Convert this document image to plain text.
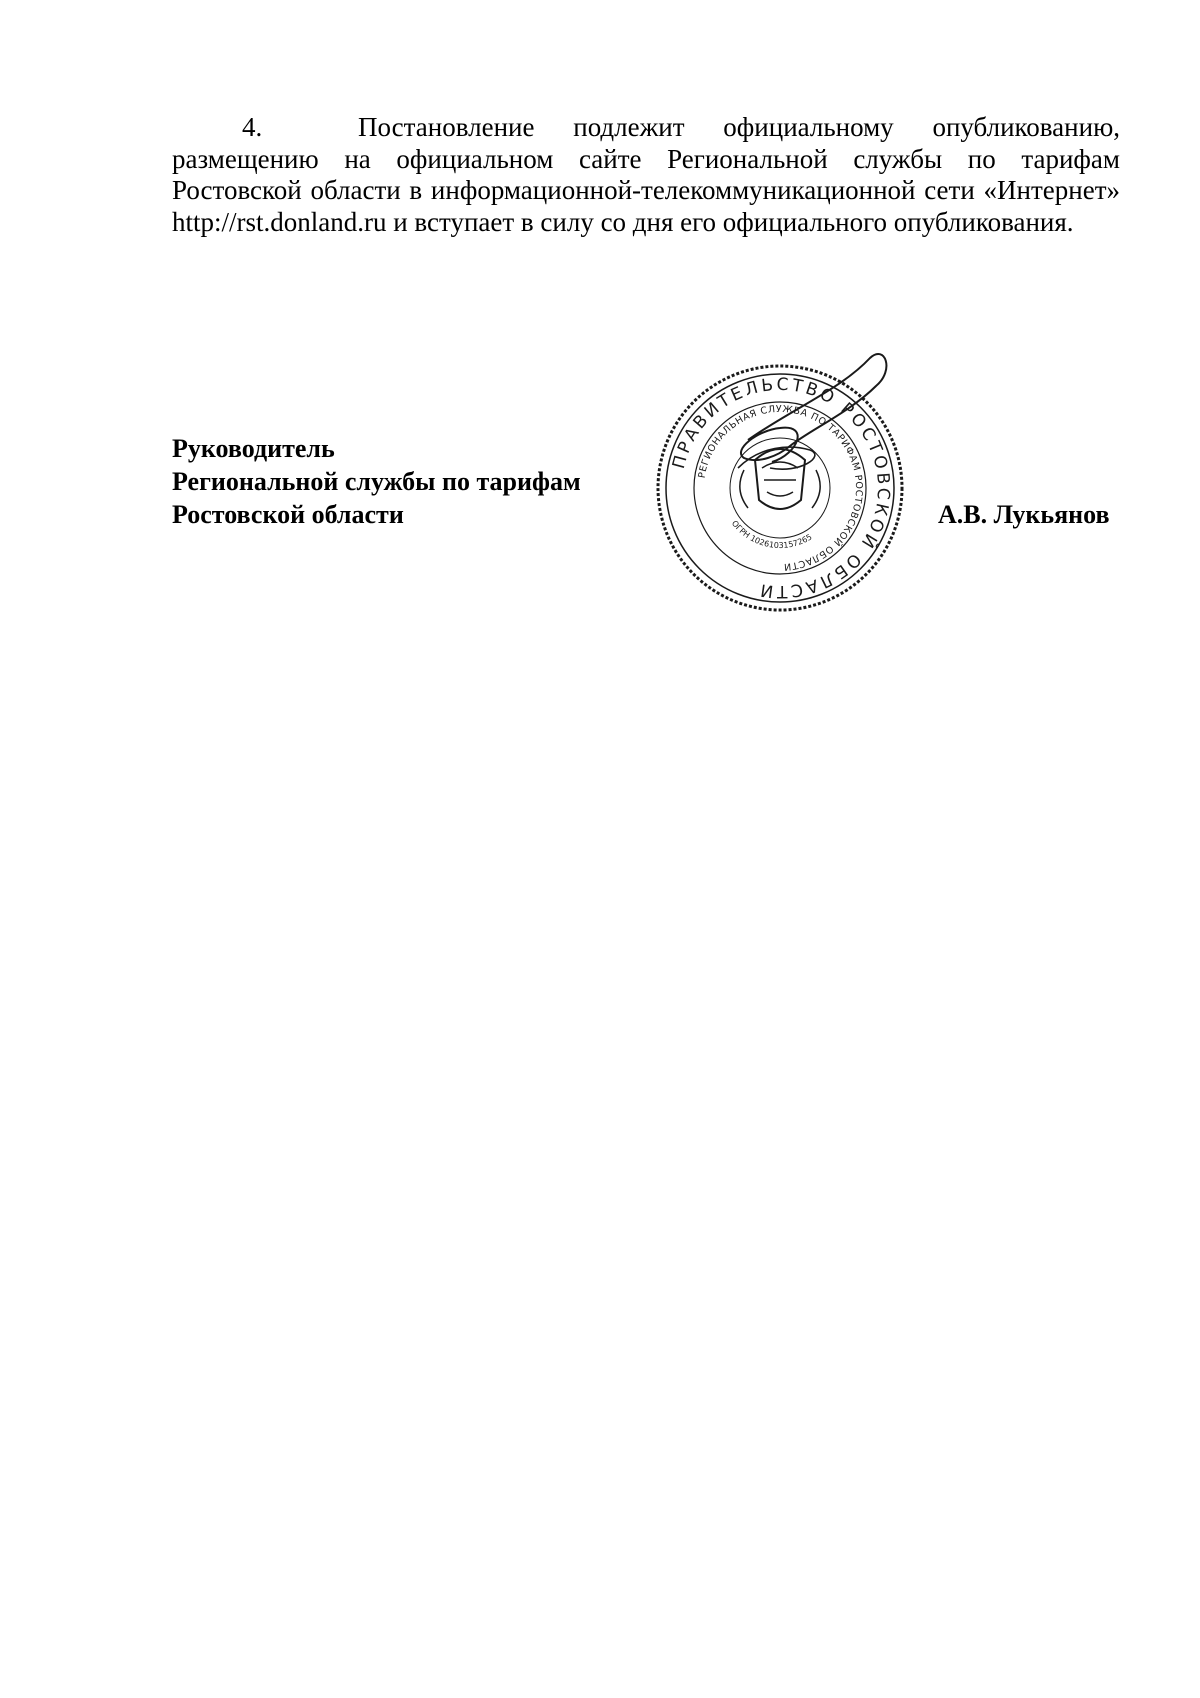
4.	Постановление подлежит официальному опубликованию,
размещению на официальном сайте Региональной службы по тарифам Ростовской области в информационной-телекоммуникационной сети «Интернет» http://rst.donland.ru и вступает в силу со дня его официального опубликования.

Руководитель
Региональной службы по тарифам
Ростовской области	А.В. Лукьянов
ПРАВИТЕЛЬСТВО РОСТОВСКОЙ ОБЛАСТИ
РЕГИОНАЛЬНАЯ СЛУЖБА ПО ТАРИФАМ РОСТОВСКОЙ ОБЛАСТИ
ОГРН 1026103157265
